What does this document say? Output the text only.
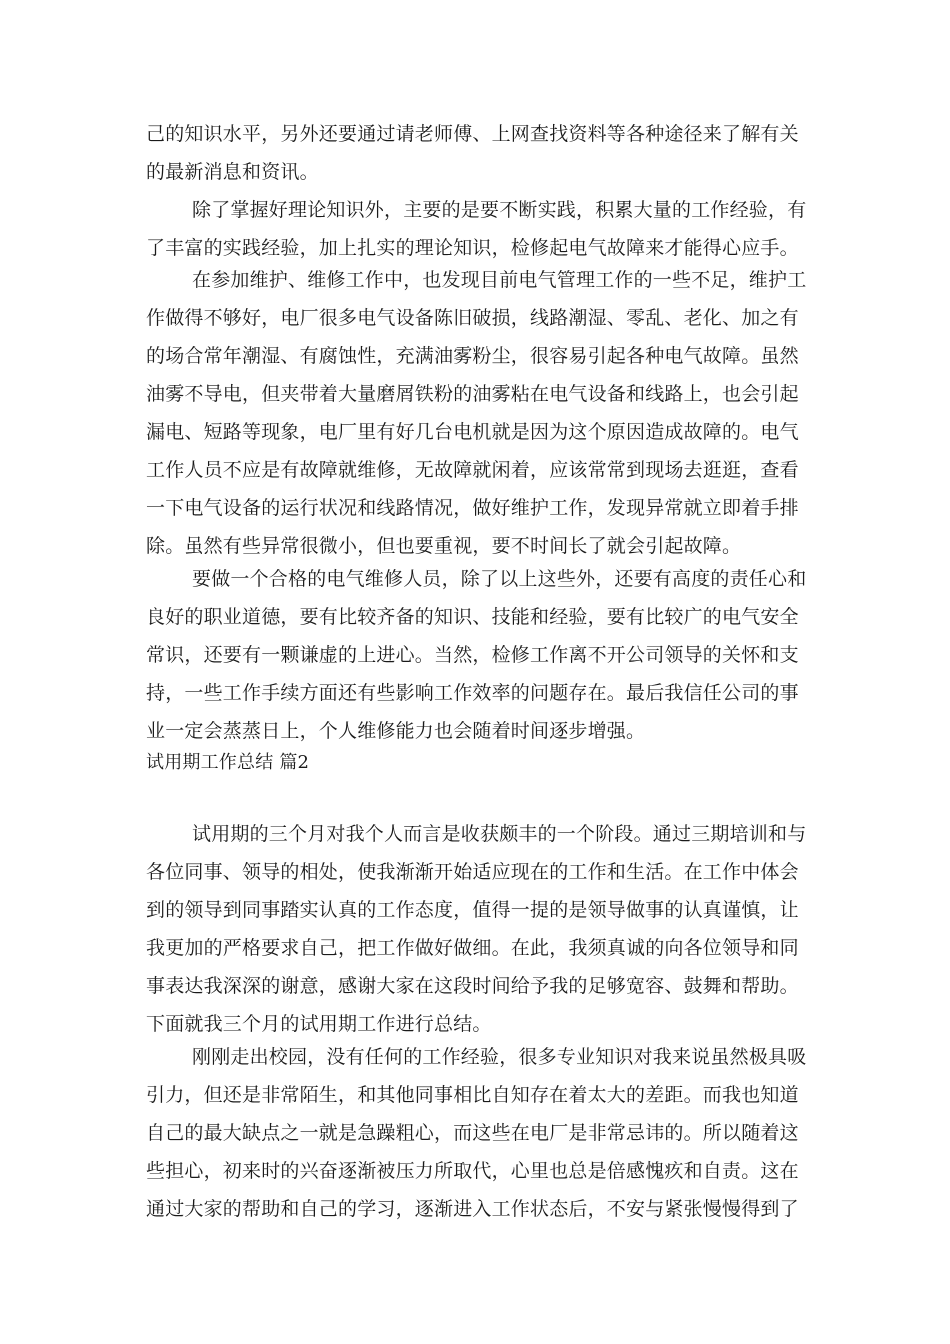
己的知识水平，另外还要通过请老师傅、上网查找资料等各种途径来了解有关
的最新消息和资讯。
除了掌握好理论知识外，主要的是要不断实践，积累大量的工作经验，有
了丰富的实践经验，加上扎实的理论知识，检修起电气故障来才能得心应手。
在参加维护、维修工作中，也发现目前电气管理工作的一些不足，维护工
作做得不够好，电厂很多电气设备陈旧破损，线路潮湿、零乱、老化、加之有
的场合常年潮湿、有腐蚀性，充满油雾粉尘，很容易引起各种电气故障。虽然
油雾不导电，但夹带着大量磨屑铁粉的油雾粘在电气设备和线路上，也会引起
漏电、短路等现象，电厂里有好几台电机就是因为这个原因造成故障的。电气
工作人员不应是有故障就维修，无故障就闲着，应该常常到现场去逛逛，查看
一下电气设备的运行状况和线路情况，做好维护工作，发现异常就立即着手排
除。虽然有些异常很微小，但也要重视，要不时间长了就会引起故障。
要做一个合格的电气维修人员，除了以上这些外，还要有高度的责任心和
良好的职业道德，要有比较齐备的知识、技能和经验，要有比较广的电气安全
常识，还要有一颗谦虚的上进心。当然，检修工作离不开公司领导的关怀和支
持，一些工作手续方面还有些影响工作效率的问题存在。最后我信任公司的事
业一定会蒸蒸日上，个人维修能力也会随着时间逐步增强。
试用期工作总结 篇2
试用期的三个月对我个人而言是收获颇丰的一个阶段。通过三期培训和与
各位同事、领导的相处，使我渐渐开始适应现在的工作和生活。在工作中体会
到的领导到同事踏实认真的工作态度，值得一提的是领导做事的认真谨慎，让
我更加的严格要求自己，把工作做好做细。在此，我须真诚的向各位领导和同
事表达我深深的谢意，感谢大家在这段时间给予我的足够宽容、鼓舞和帮助。
下面就我三个月的试用期工作进行总结。
刚刚走出校园，没有任何的工作经验，很多专业知识对我来说虽然极具吸
引力，但还是非常陌生，和其他同事相比自知存在着太大的差距。而我也知道
自己的最大缺点之一就是急躁粗心，而这些在电厂是非常忌讳的。所以随着这
些担心，初来时的兴奋逐渐被压力所取代，心里也总是倍感愧疚和自责。这在
通过大家的帮助和自己的学习，逐渐进入工作状态后，不安与紧张慢慢得到了
